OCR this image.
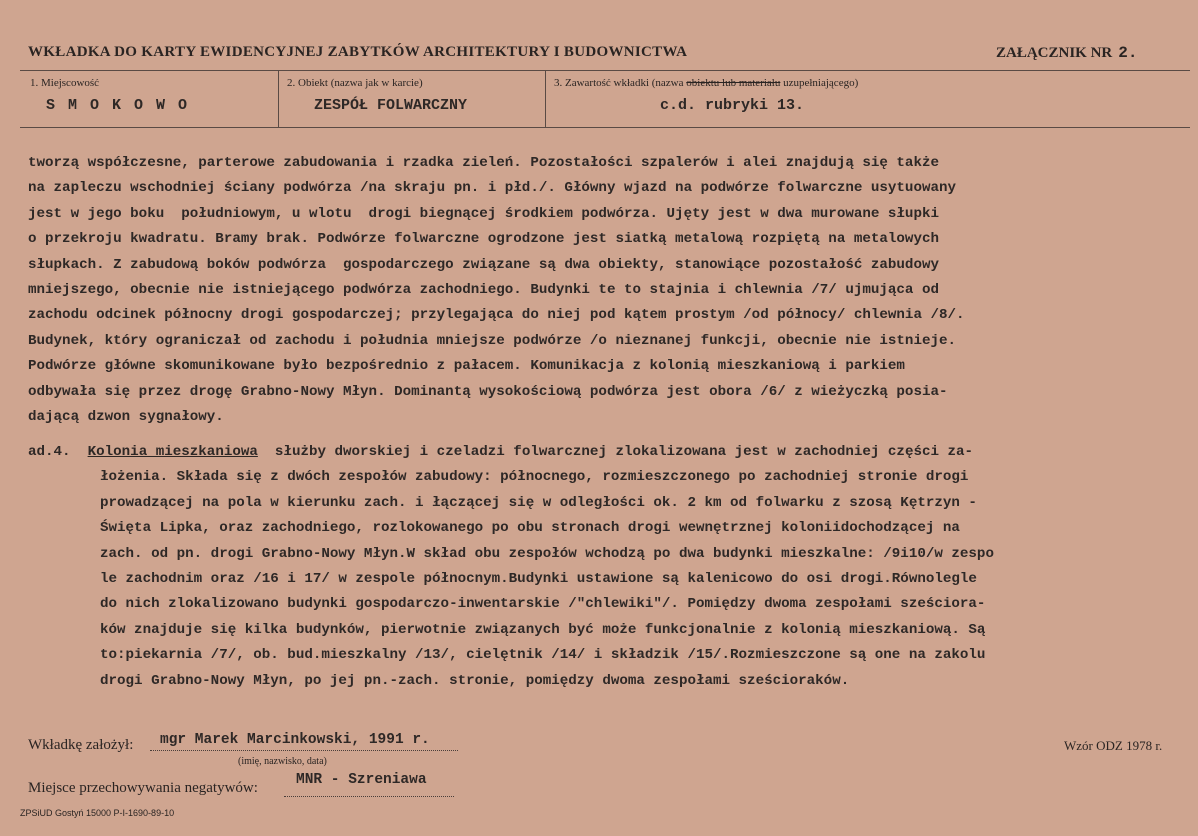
WKŁADKA DO KARTY EWIDENCYJNEJ ZABYTKÓW ARCHITEKTURY I BUDOWNICTWA	ZAŁĄCZNIK NR 2.
1. Miejscowość
S M O K O W O
2. Obiekt (nazwa jak w karcie)
ZESPÓŁ FOLWARCZNY
3. Zawartość wkładki (nazwa obiektu lub materiału uzupełniającego)
c.d. rubryki 13.
tworzą współczesne, parterowe zabudowania i rzadka zieleń. Pozostałości szpalerów i alei znajdują się także
na zapleczu wschodniej ściany podwórza /na skraju pn. i płd./. Główny wjazd na podwórze folwarczne usytuowany
jest w jego boku  południowym, u wlotu  drogi biegnącej środkiem podwórza. Ujęty jest w dwa murowane słupki
o przekroju kwadratu. Bramy brak. Podwórze folwarczne ogrodzone jest siatką metalową rozpiętą na metalowych
słupkach. Z zabudową boków podwórza  gospodarczego związane są dwa obiekty, stanowiące pozostałość zabudowy
mniejszego, obecnie nie istniejącego podwórza zachodniego. Budynki te to stajnia i chlewnia /7/ ujmująca od
zachodu odcinek północny drogi gospodarczej; przylegająca do niej pod kątem prostym /od północy/ chlewnia /8/.
Budynek, który ograniczał od zachodu i południa mniejsze podwórze /o nieznanej funkcji, obecnie nie istnieje.
Podwórze główne skomunikowane było bezpośrednio z pałacem. Komunikacja z kolonią mieszkaniową i parkiem
odbywała się przez drogę Grabno-Nowy Młyn. Dominantą wysokościową podwórza jest obora /6/ z wieżyczką posia-
dającą dzwon sygnałowy.
ad.4. Kolonia mieszkaniowa  służby dworskiej i czeladzi folwarcznej zlokalizowana jest w zachodniej części za-
łożenia. Składa się z dwóch zespołów zabudowy: północnego, rozmieszczonego po zachodniej stronie drogi
prowadzącej na pola w kierunku zach. i łączącej się w odległości ok. 2 km od folwarku z szosą Kętrzyn -
Święta Lipka, oraz zachodniego, rozlokowanego po obu stronach drogi wewnętrznej koloniidochodzącej na
zach. od pn. drogi Grabno-Nowy Młyn.W skład obu zespołów wchodzą po dwa budynki mieszkalne: /9i10/w zespo
le zachodnim oraz /16 i 17/ w zespole północnym.Budynki ustawione są kalenicowo do osi drogi.Równolegle
do nich zlokalizowano budynki gospodarczo-inwentarskie /"chlewiki"/. Pomiędzy dwoma zespołami sześciora-
ków znajduje się kilka budynków, pierwotnie związanych być może funkcjonalnie z kolonią mieszkaniową. Są
to:piekarnia /7/, ob. bud.mieszkalny /13/, cielętnik /14/ i składzik /15/.Rozmieszczone są one na zakolu
drogi Grabno-Nowy Młyn, po jej pn.-zach. stronie, pomiędzy dwoma zespołami sześcioraków.
Wkładkę założył: mgr Marek Marcinkowski, 1991 r.
(imię, nazwisko, data)
Miejsce przechowywania negatywów:	MNR - Szreniawa
Wzór ODZ 1978 r.
ZPSiUD Gostyń 15000 P-I-1690-89-10
